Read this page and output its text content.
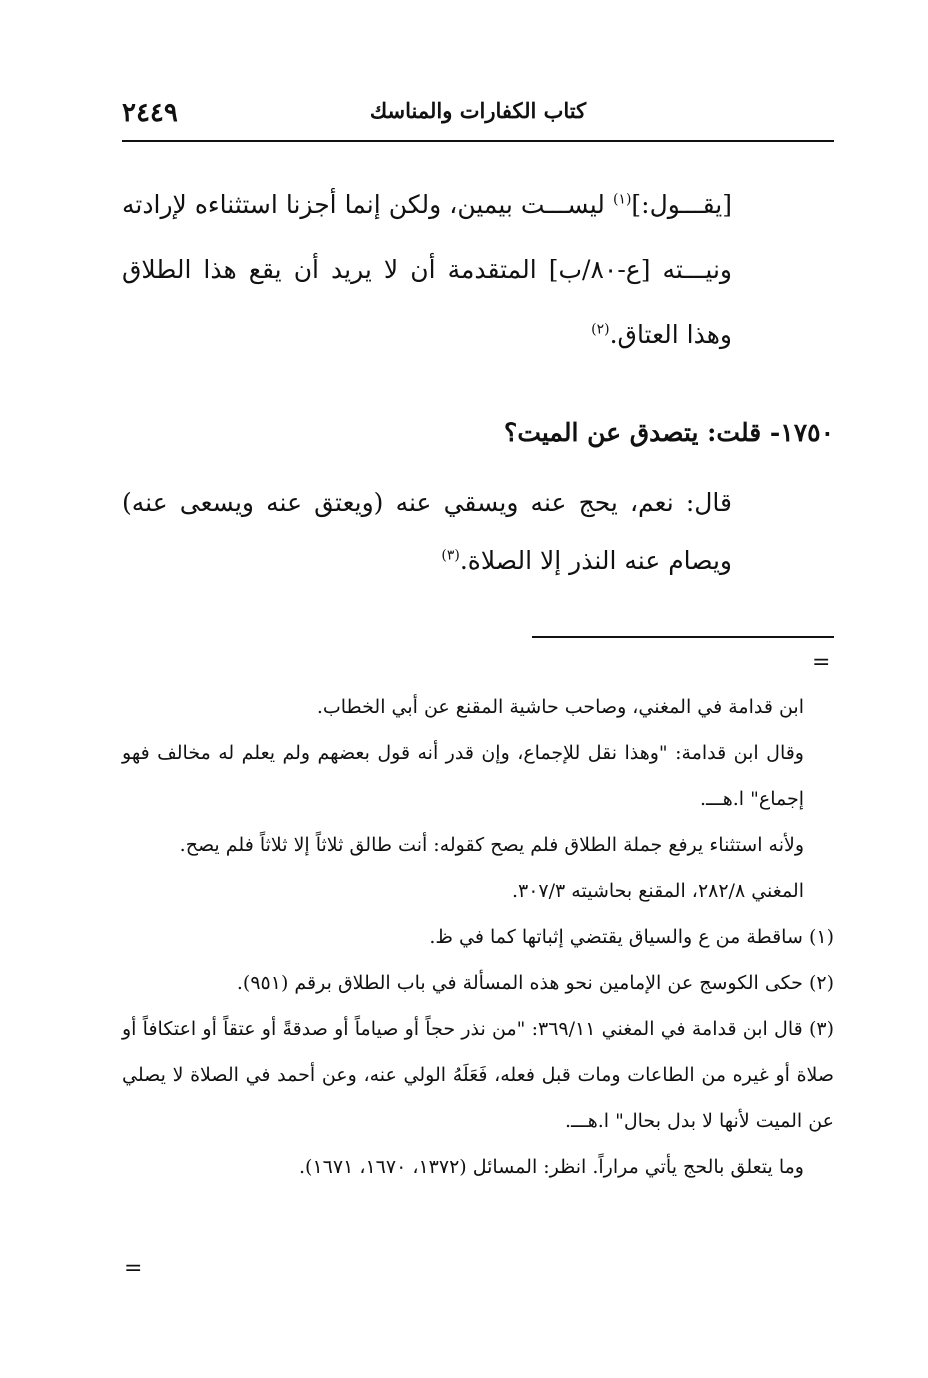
٢٤٤٩	كتاب الكفارات والمناسك
[يقـــول:]$^{(١)}$ ليســـت بيمين، ولكن إنما أجزنا استثناءه لإرادته ونيـــته [ع-٨٠/ب] المتقدمة أن لا يريد أن يقع هذا الطلاق وهذا العتاق.$^{(٢)}$
١٧٥٠- قلت: يتصدق عن الميت؟
قال: نعم، يحج عنه ويسقي عنه (ويعتق عنه ويسعى عنه) ويصام عنه النذر إلا الصلاة.$^{(٣)}$
=
ابن قدامة في المغني، وصاحب حاشية المقنع عن أبي الخطاب.
وقال ابن قدامة: "وهذا نقل للإجماع، وإن قدر أنه قول بعضهم ولم يعلم له مخالف فهو إجماع" ا.هـــ.
ولأنه استثناء يرفع جملة الطلاق فلم يصح كقوله: أنت طالق ثلاثاً إلا ثلاثاً فلم يصح.
المغني ٢٨٢/٨، المقنع بحاشيته ٣٠٧/٣.
(١) ساقطة من ع والسياق يقتضي إثباتها كما في ظ.
(٢) حكى الكوسج عن الإمامين نحو هذه المسألة في باب الطلاق برقم (٩٥١).
(٣) قال ابن قدامة في المغني ٣٦٩/١١: "من نذر حجاً أو صياماً أو صدقةً أو عتقاً أو اعتكافاً أو صلاة أو غيره من الطاعات ومات قبل فعله، فَعَلَهُ الولي عنه، وعن أحمد في الصلاة لا يصلي عن الميت لأنها لا بدل بحال" ا.هـــ.
وما يتعلق بالحج يأتي مراراً. انظر: المسائل (١٣٧٢، ١٦٧٠، ١٦٧١).
=
